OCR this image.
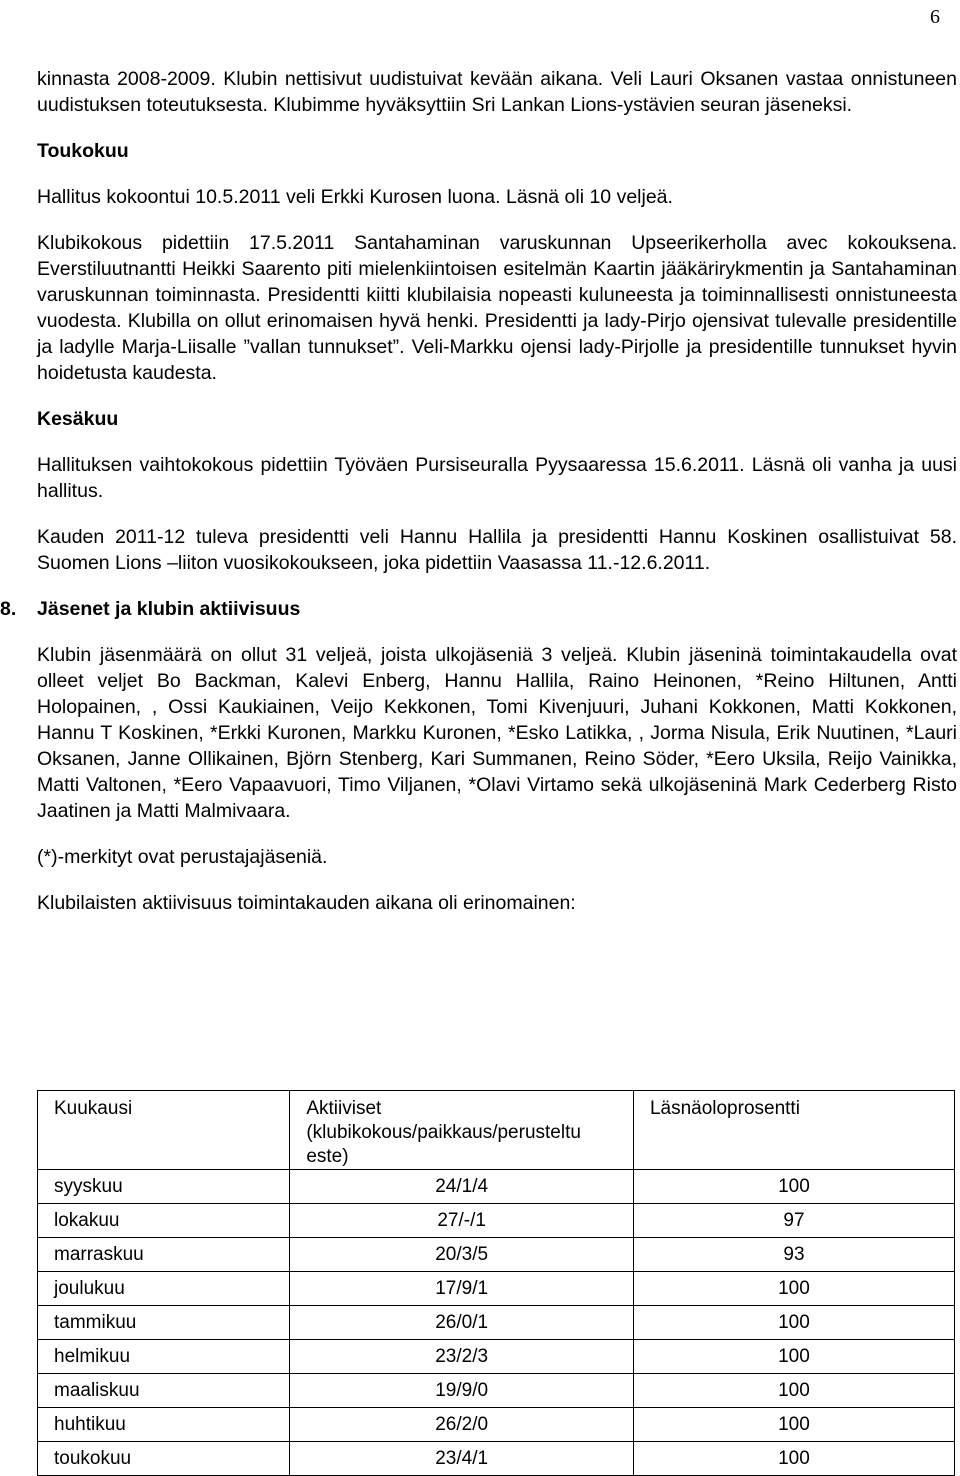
6

kinnasta 2008-2009. Klubin nettisivut uudistuivat kevään aikana. Veli Lauri Oksanen vastaa onnistuneen uudistuksen toteutuksesta. Klubimme hyväksyttiin Sri Lankan Lions-ystävien seuran jäseneksi.

Toukokuu

Hallitus kokoontui 10.5.2011 veli Erkki Kurosen luona. Läsnä oli 10 veljeä.

Klubikokous pidettiin 17.5.2011 Santahaminan varuskunnan Upseerikerholla avec kokouksena. Everstiluutnantti Heikki Saarento piti mielenkiintoisen esitelmän Kaartin jääkärirykmentin ja Santahaminan varuskunnan toiminnasta. Presidentti kiitti klubilaisia nopeasti kuluneesta ja toiminnallisesti onnistuneesta vuodesta. Klubilla on ollut erinomaisen hyvä henki. Presidentti ja lady-Pirjo ojensivat tulevalle presidentille ja ladylle Marja-Liisalle ”vallan tunnukset”. Veli-Markku ojensi lady-Pirjolle ja presidentille tunnukset hyvin hoidetusta kaudesta.

Kesäkuu

Hallituksen vaihtokokous pidettiin Työväen Pursiseuralla Pyysaaressa 15.6.2011. Läsnä oli vanha ja uusi hallitus.

Kauden 2011-12 tuleva presidentti veli Hannu Hallila ja presidentti Hannu Koskinen osallistuivat 58. Suomen Lions –liiton vuosikokoukseen, joka pidettiin Vaasassa 11.-12.6.2011.

8. Jäsenet ja klubin aktiivisuus

Klubin jäsenmäärä on ollut 31 veljeä, joista ulkojäseniä 3 veljeä. Klubin jäseninä toimintakaudella ovat olleet veljet Bo Backman, Kalevi Enberg, Hannu Hallila, Raino Heinonen, *Reino Hiltunen, Antti Holopainen, , Ossi Kaukiainen, Veijo Kekkonen, Tomi Kivenjuuri, Juhani Kokkonen, Matti Kokkonen, Hannu T Koskinen, *Erkki Kuronen, Markku Kuronen, *Esko Latikka, , Jorma Nisula, Erik Nuutinen, *Lauri Oksanen, Janne Ollikainen, Björn Stenberg, Kari Summanen, Reino Söder, *Eero Uksila, Reijo Vainikka, Matti Valtonen, *Eero Vapaavuori, Timo Viljanen, *Olavi Virtamo sekä ulkojäseninä Mark Cederberg Risto Jaatinen ja Matti Malmivaara.

(*)-merkityt ovat perustajajäseniä.

Klubilaisten aktiivisuus toimintakauden aikana oli erinomainen:

Kuukausi	Aktiiviset (klubikokous/paikkaus/perusteltu este)	Läsnäoloprosentti
syyskuu	24/1/4	100
lokakuu	27/-/1	97
marraskuu	20/3/5	93
joulukuu	17/9/1	100
tammikuu	26/0/1	100
helmikuu	23/2/3	100
maaliskuu	19/9/0	100
huhtikuu	26/2/0	100
toukokuu	23/4/1	100
